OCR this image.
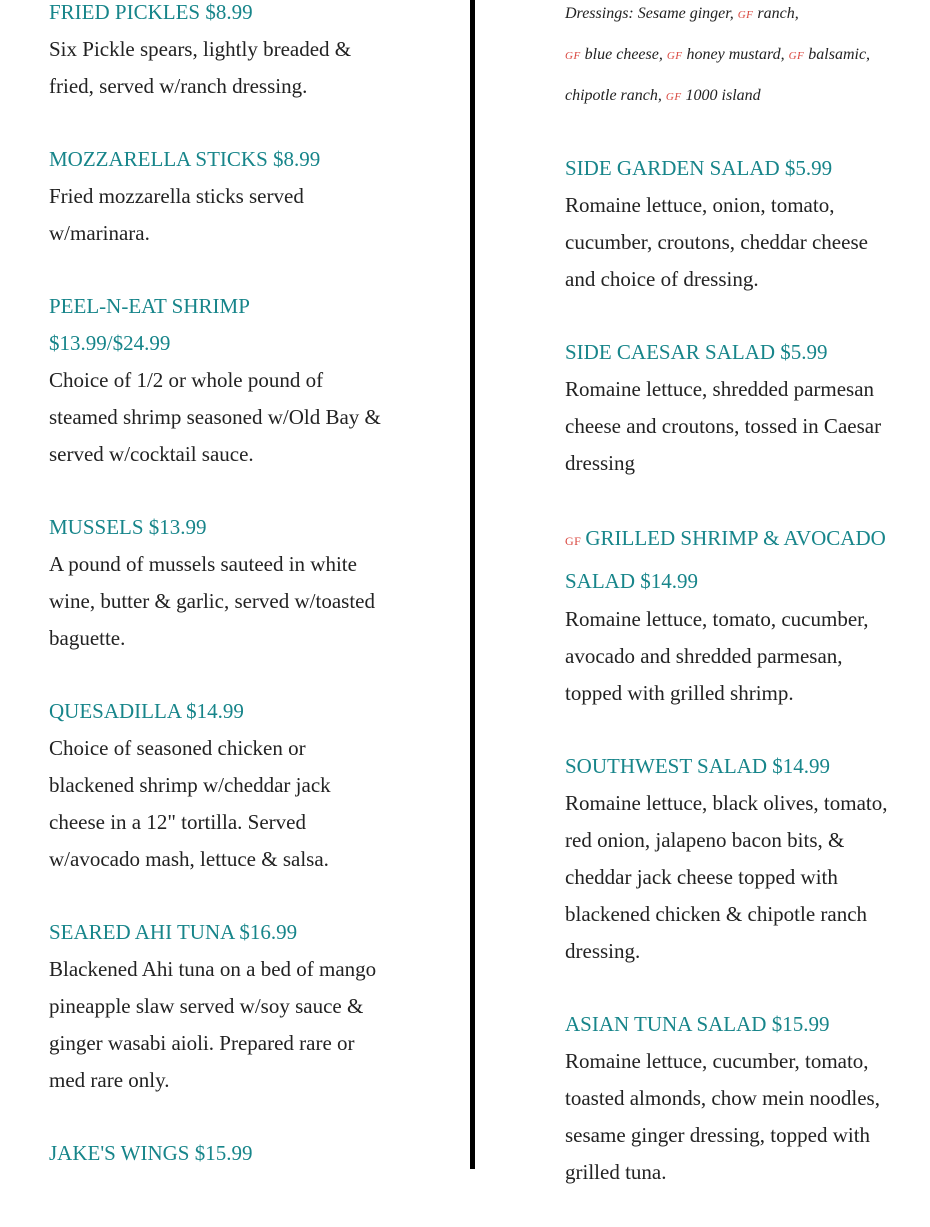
FRIED PICKLES $8.99

Six Pickle spears, lightly breaded & fried, served w/ranch dressing.

MOZZARELLA STICKS $8.99

Fried mozzarella sticks served w/marinara.

PEEL-N-EAT SHRIMP $13.99/$24.99

Choice of 1/2 or whole pound of steamed shrimp seasoned w/Old Bay & served w/cocktail sauce.

MUSSELS $13.99

A pound of mussels sauteed in white wine, butter & garlic, served w/toasted baguette.

QUESADILLA $14.99

Choice of seasoned chicken or blackened shrimp w/cheddar jack cheese in a 12" tortilla. Served w/avocado mash, lettuce & salsa.

SEARED AHI TUNA $16.99

Blackened Ahi tuna on a bed of mango pineapple slaw served w/soy sauce & ginger wasabi aioli. Prepared rare or med rare only.

JAKE'S WINGS $15.99

Dressings: Sesame ginger, GF ranch,
GF blue cheese, GF honey mustard, GF balsamic,
chipotle ranch, GF 1000 island

SIDE GARDEN SALAD $5.99

Romaine lettuce, onion, tomato, cucumber, croutons, cheddar cheese and choice of dressing.

SIDE CAESAR SALAD $5.99

Romaine lettuce, shredded parmesan cheese and croutons, tossed in Caesar dressing

GF GRILLED SHRIMP & AVOCADO SALAD $14.99

Romaine lettuce, tomato, cucumber, avocado and shredded parmesan, topped with grilled shrimp.

SOUTHWEST SALAD $14.99

Romaine lettuce, black olives, tomato, red onion, jalapeno bacon bits, & cheddar jack cheese topped with blackened chicken & chipotle ranch dressing.

ASIAN TUNA SALAD $15.99

Romaine lettuce, cucumber, tomato, toasted almonds, chow mein noodles, sesame ginger dressing, topped with grilled tuna.
